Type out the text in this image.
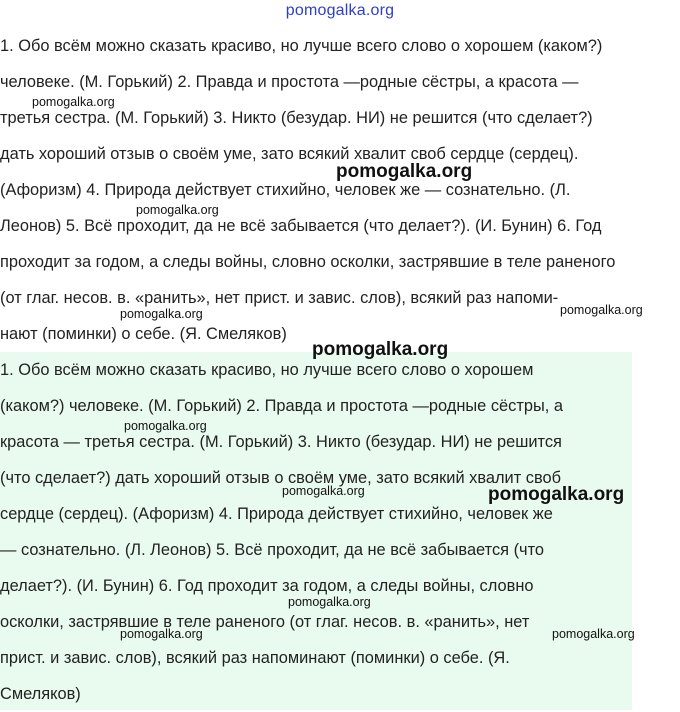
pomogalka.org
1. Обо всём можно сказать красиво, но лучше всего слово о хорошем (каком?)
человеке. (М. Горький) 2. Правда и простота —родные сёстры, а красота —
третья сестра. (М. Горький) 3. Никто (безудар. НИ) не решится (что сделает?)
дать хороший отзыв о своём уме, зато всякий хвалит своб сердце (сердец).
(Афоризм) 4. Природа действует стихийно, человек же — сознательно. (Л.
Леонов) 5. Всё проходит, да не всё забывается (что делает?). (И. Бунин) 6. Год
проходит за годом, а следы войны, словно осколки, застрявшие в теле раненого
(от глаг. несов. в. «ранить», нет прист. и завис. слов), всякий раз напоми-
нают (поминки) о себе. (Я. Смеляков)
1. Обо всём можно сказать красиво, но лучше всего слово о хорошем
(каком?) человеке. (М. Горький) 2. Правда и простота —родные сёстры, а
красота — третья сестра. (М. Горький) 3. Никто (безудар. НИ) не решится
(что сделает?) дать хороший отзыв о своём уме, зато всякий хвалит своб
сердце (сердец). (Афоризм) 4. Природа действует стихийно, человек же
— сознательно. (Л. Леонов) 5. Всё проходит, да не всё забывается (что
делает?). (И. Бунин) 6. Год проходит за годом, а следы войны, словно
осколки, застрявшие в теле раненого (от глаг. несов. в. «ранить», нет
прист. и завис. слов), всякий раз напоминают (поминки) о себе. (Я.
Смеляков)
pomogalka.org
pomogalka.org
pomogalka.org
pomogalka.org	pomogalka.org
pomogalka.org
pomogalka.org
pomogalka.org	pomogalka.org
pomogalka.org
pomogalka.org	pomogalka.org
